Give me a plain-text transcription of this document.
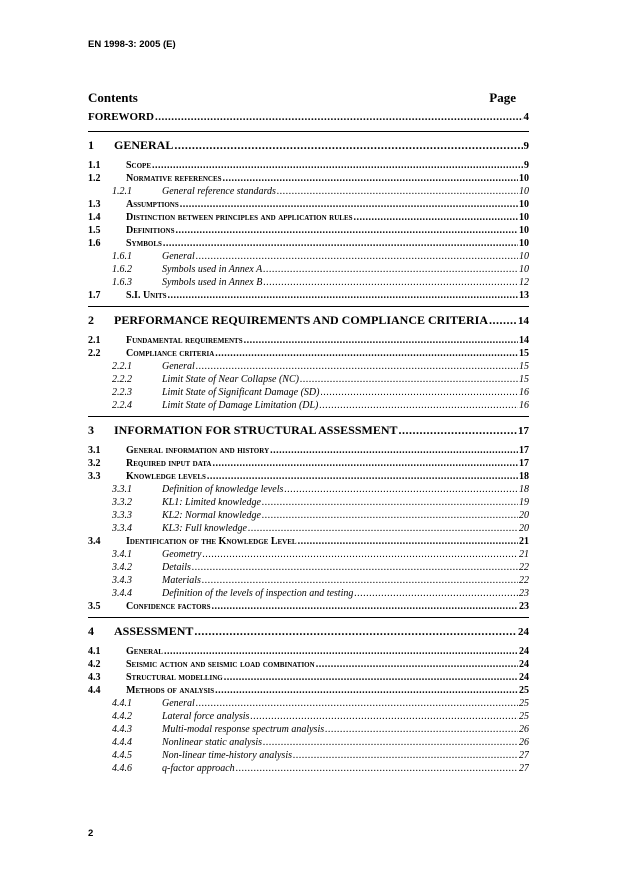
EN 1998-3: 2005 (E)
Contents	Page
FOREWORD .....	4
1	GENERAL .....	9
1.1	Scope .....	9
1.2	Normative references .....	10
1.2.1	General reference standards .....	10
1.3	Assumptions .....	10
1.4	Distinction between principles and application rules .....	10
1.5	Definitions .....	10
1.6	Symbols .....	10
1.6.1	General .....	10
1.6.2	Symbols used in Annex A .....	10
1.6.3	Symbols used in Annex B .....	12
1.7	S.I. Units .....	13
2	PERFORMANCE REQUIREMENTS AND COMPLIANCE CRITERIA .....	14
2.1	Fundamental requirements .....	14
2.2	Compliance criteria .....	15
2.2.1	General .....	15
2.2.2	Limit State of Near Collapse (NC) .....	15
2.2.3	Limit State of Significant Damage (SD) .....	16
2.2.4	Limit State of Damage Limitation (DL) .....	16
3	INFORMATION FOR STRUCTURAL ASSESSMENT .....	17
3.1	General information and history .....	17
3.2	Required input data .....	17
3.3	Knowledge levels .....	18
3.3.1	Definition of knowledge levels .....	18
3.3.2	KL1: Limited knowledge .....	19
3.3.3	KL2: Normal knowledge .....	20
3.3.4	KL3: Full knowledge .....	20
3.4	Identification of the Knowledge Level .....	21
3.4.1	Geometry .....	21
3.4.2	Details .....	22
3.4.3	Materials .....	22
3.4.4	Definition of the levels of inspection and testing .....	23
3.5	Confidence factors .....	23
4	ASSESSMENT .....	24
4.1	General .....	24
4.2	Seismic action and seismic load combination .....	24
4.3	Structural modelling .....	24
4.4	Methods of analysis .....	25
4.4.1	General .....	25
4.4.2	Lateral force analysis .....	25
4.4.3	Multi-modal response spectrum analysis .....	26
4.4.4	Nonlinear static analysis .....	26
4.4.5	Non-linear time-history analysis .....	27
4.4.6	q-factor approach .....	27
2
